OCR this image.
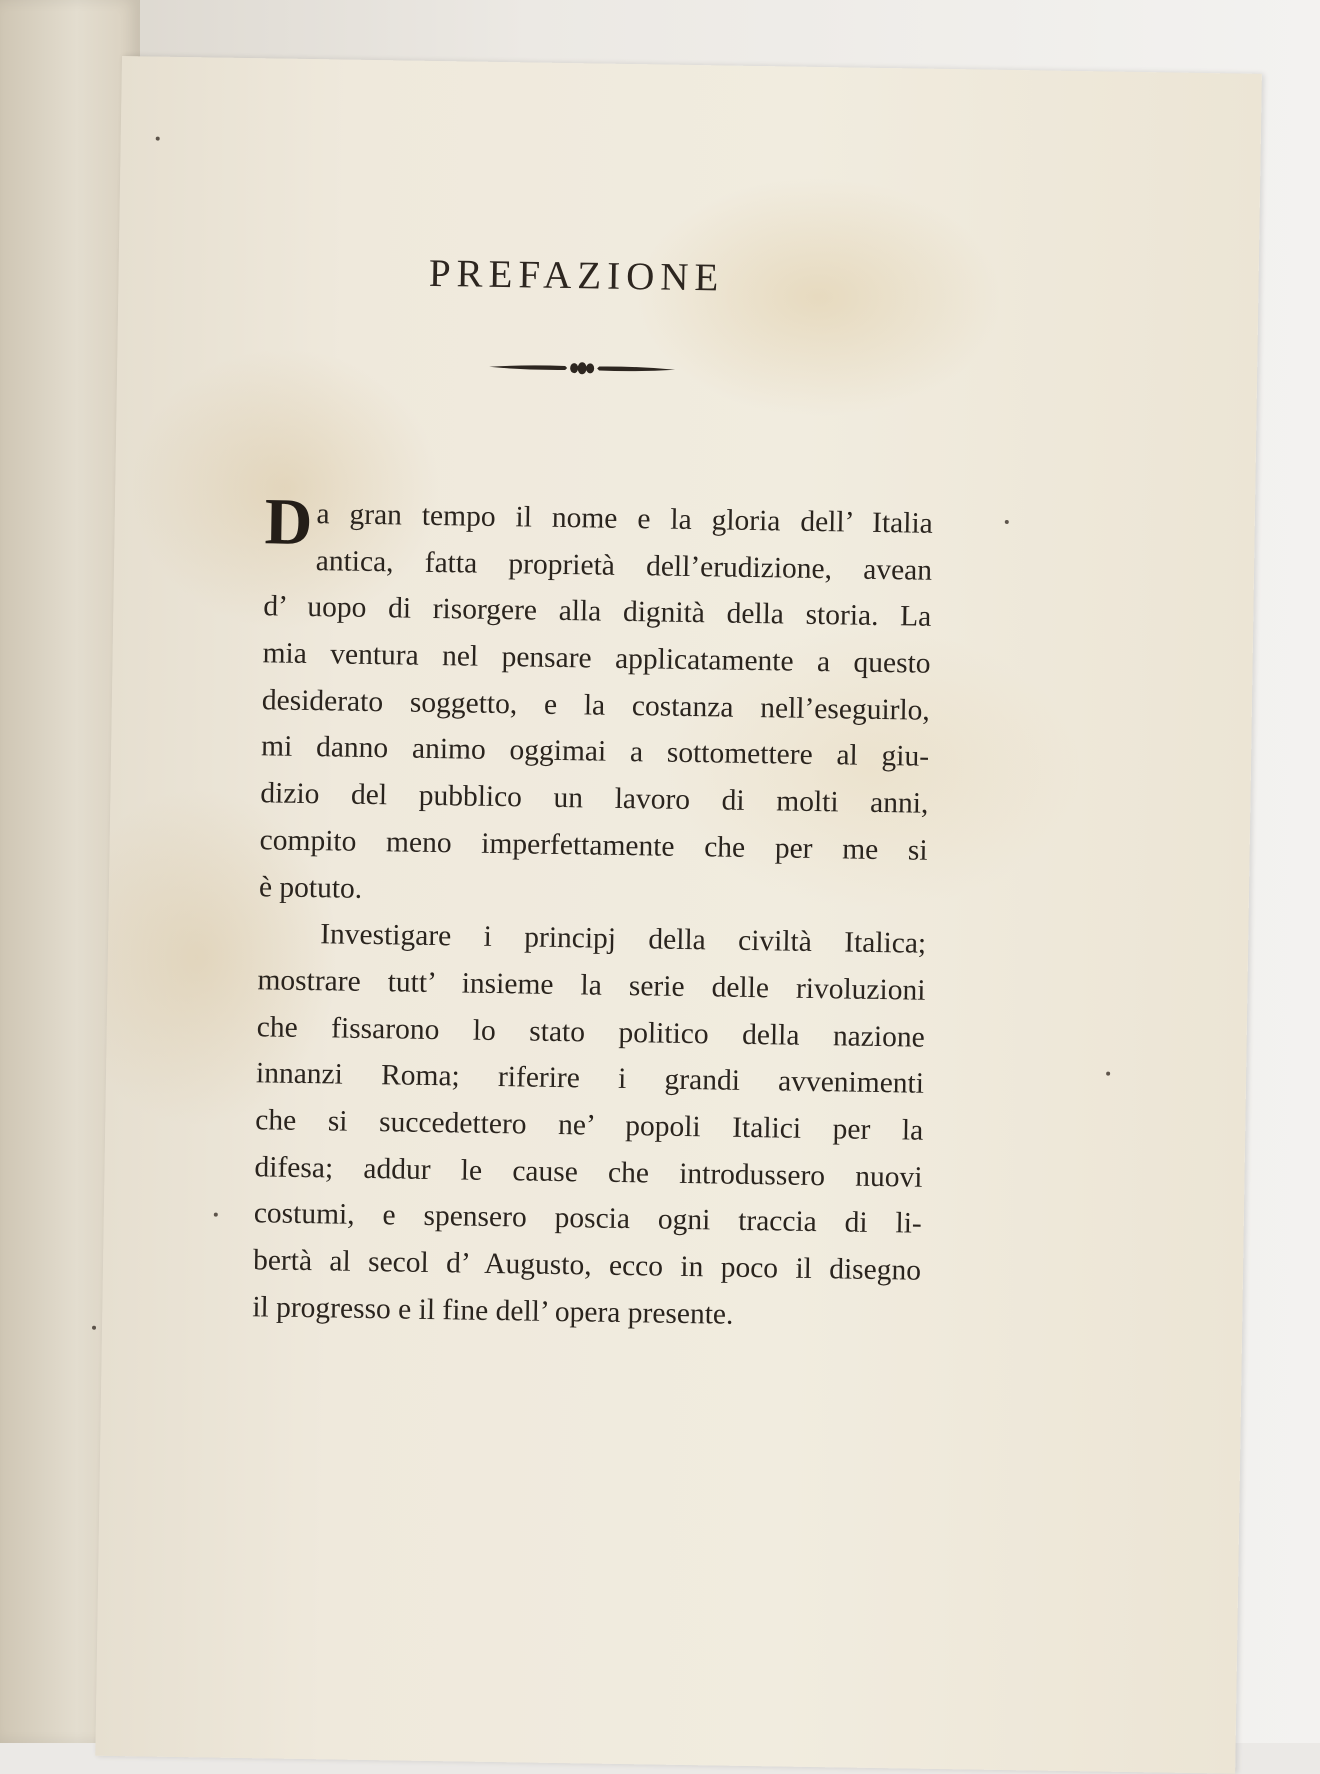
PREFAZIONE
D a gran tempo il nome e la gloria dell’ Italia
antica, fatta proprietà dell’erudizione, avean
d’ uopo di risorgere alla dignità della storia. La
mia ventura nel pensare applicatamente a questo
desiderato soggetto, e la costanza nell’eseguirlo,
mi danno animo oggimai a sottomettere al giu-
dizio del pubblico un lavoro di molti anni,
compito meno imperfettamente che per me si
è potuto.
Investigare i principj della civiltà Italica;
mostrare tutt’ insieme la serie delle rivoluzioni
che fissarono lo stato politico della nazione
innanzi Roma; riferire i grandi avvenimenti
che si succedettero ne’ popoli Italici per la
difesa; addur le cause che introdussero nuovi
costumi, e spensero poscia ogni traccia di li-
bertà al secol d’ Augusto, ecco in poco il disegno
il progresso e il fine dell’ opera presente.
